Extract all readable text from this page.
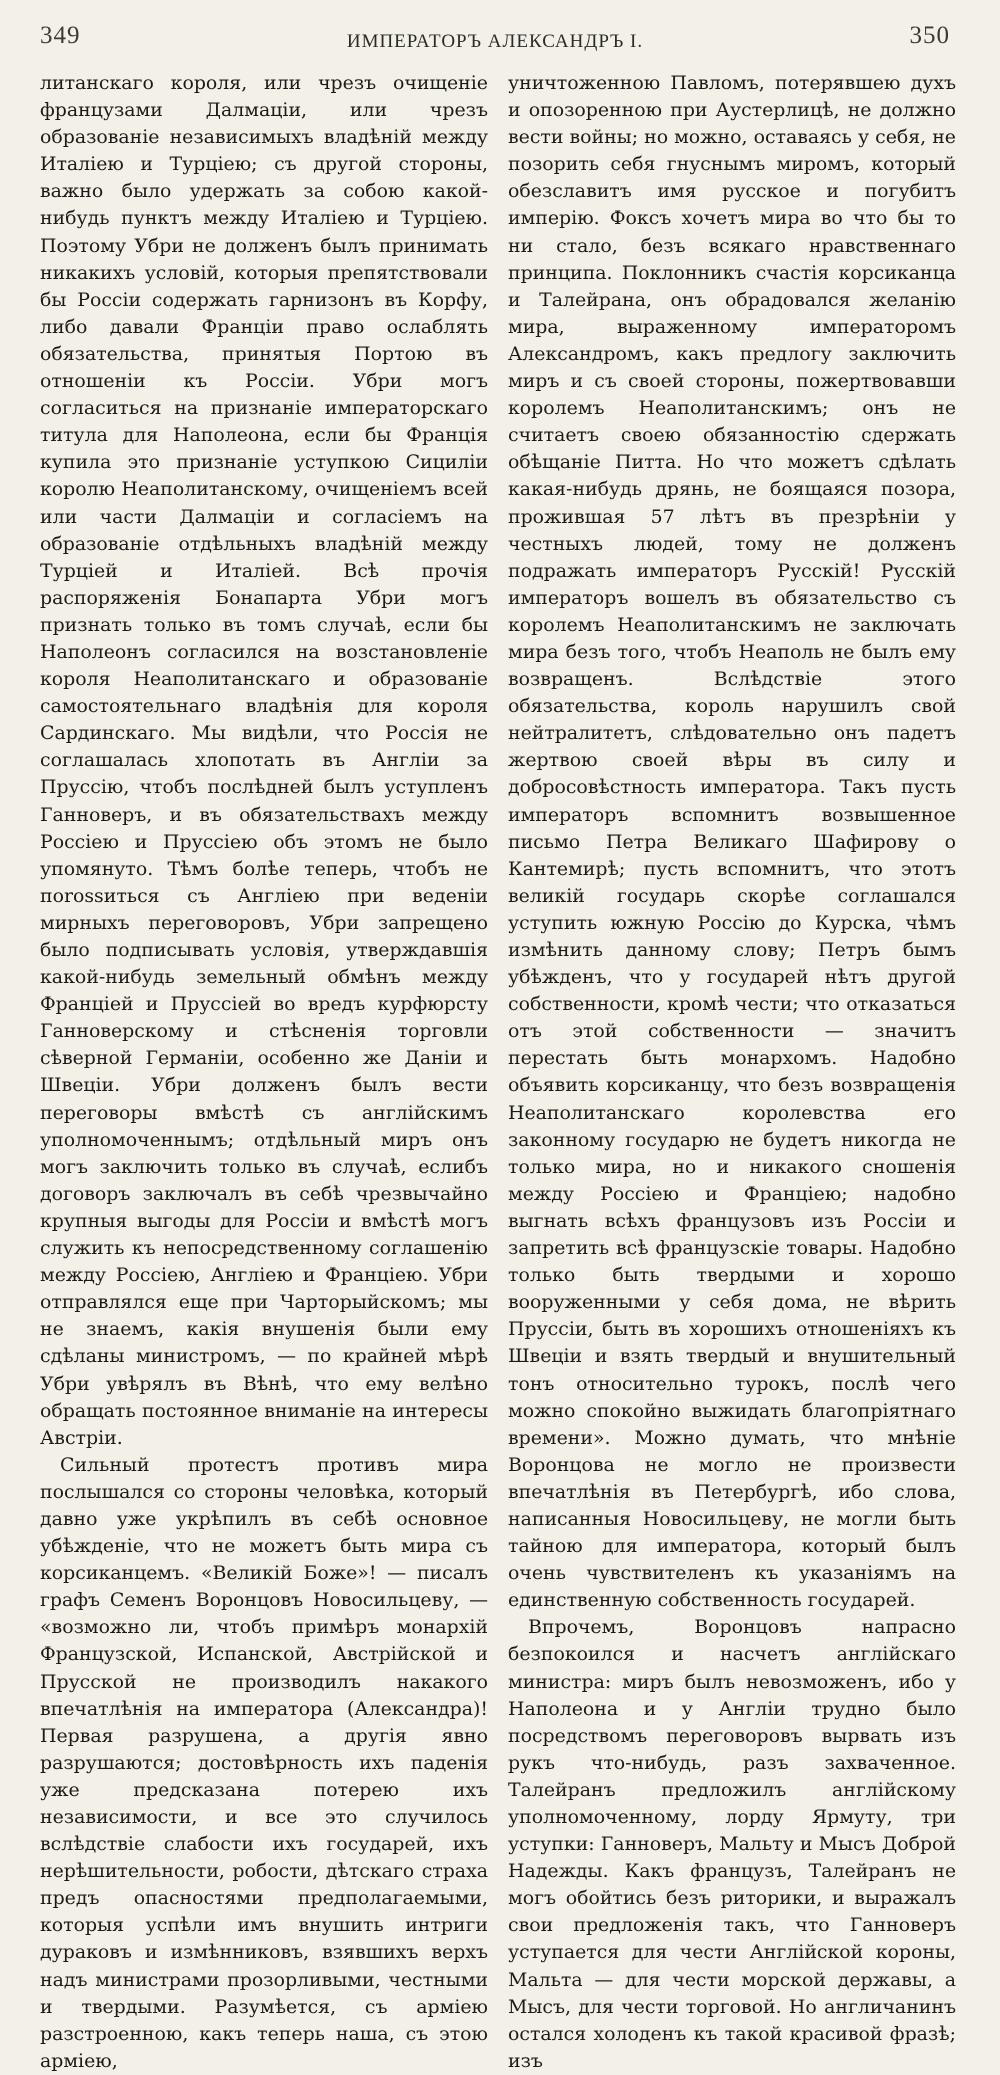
349	ИМПЕРАТОРЪ АЛЕКСАНДРЪ I.	350

литанскаго короля, или чрезъ очищеніе французами Далмаціи, или чрезъ образованіе независимыхъ владѣній между Италіею и Турціею; съ другой стороны, важно было удержать за собою какой-нибудь пунктъ между Италіею и Турціею. Поэтому Убри не долженъ былъ принимать никакихъ условій, которыя препятствовали бы Россіи содержать гарнизонъ въ Корфу, либо давали Франціи право ослаблять обязательства, принятыя Портою въ отношеніи къ Россіи. Убри могъ согласиться на признаніе императорскаго титула для Наполеона, если бы Франція купила это признаніе уступкою Сициліи королю Неаполитанскому, очищеніемъ всей или части Далмаціи и согласіемъ на образованіе отдѣльныхъ владѣній между Турціей и Италіей. Всѣ прочія распоряженія Бонапарта Убри могъ признать только въ томъ случаѣ, если бы Наполеонъ согласился на возстановленіе короля Неаполитанскаго и образованіе самостоятельнаго владѣнія для короля Сардинскаго. Мы видѣли, что Россія не соглашалась хлопотать въ Англіи за Пруссію, чтобъ послѣдней былъ уступленъ Ганноверъ, и въ обязательствахъ между Россіею и Пруссіею объ этомъ не было упомянуто. Тѣмъ болѣе теперь, чтобъ не поrossиться съ Англіею при веденіи мирныхъ переговоровъ, Убри запрещено было подписывать условія, утверждавшія какой-нибудь земельный обмѣнъ между Франціей и Пруссіей во вредъ курфюрсту Ганноверскому и стѣсненія торговли сѣверной Германіи, особенно же Даніи и Швеціи. Убри долженъ былъ вести переговоры вмѣстѣ съ англійскимъ уполномоченнымъ; отдѣльный миръ онъ могъ заключить только въ случаѣ, еслибъ договоръ заключалъ въ себѣ чрезвычайно крупныя выгоды для Россіи и вмѣстѣ могъ служить къ непосредственному соглашенію между Россіею, Англіею и Франціею. Убри отправлялся еще при Чарторыйскомъ; мы не знаемъ, какія внушенія были ему сдѣланы министромъ, — по крайней мѣрѣ Убри увѣрялъ въ Вѣнѣ, что ему велѣно обращать постоянное вниманіе на интересы Австріи.

Сильный протестъ противъ мира послышался со стороны человѣка, который давно уже укрѣпилъ въ себѣ основное убѣжденіе, что не можетъ быть мира съ корсиканцемъ. «Великій Боже»! — писалъ графъ Семенъ Воронцовъ Новосильцеву, — «возможно ли, чтобъ примѣръ монархій Французской, Испанской, Австрійской и Прусской не производилъ накакого впечатлѣнія на императора (Александра)! Первая разрушена, а другія явно разрушаются; достовѣрность ихъ паденія уже предсказана потерею ихъ независимости, и все это случилось вслѣдствіе слабости ихъ государей, ихъ нерѣшительности, робости, дѣтскаго страха предъ опасностями предполагаемыми, которыя успѣли имъ внушить интриги дураковъ и измѣнниковъ, взявшихъ верхъ надъ министрами прозорливыми, честными и твердыми. Разумѣется, съ арміею разстроенною, какъ теперь наша, съ этою арміею,

уничтоженною Павломъ, потерявшею духъ и опозоренною при Аустерлицѣ, не должно вести войны; но можно, оставаясь у себя, не позорить себя гнуснымъ миромъ, который обезславитъ имя русское и погубитъ имперію. Фоксъ хочетъ мира во что бы то ни стало, безъ всякаго нравственнаго принципа. Поклонникъ счастія корсиканца и Талейрана, онъ обрадовался желанію мира, выраженному императоромъ Александромъ, какъ предлогу заключить миръ и съ своей стороны, пожертвовавши королемъ Неаполитанскимъ; онъ не считаетъ своею обязанностію сдержать обѣщаніе Питта. Но что можетъ сдѣлать какая-нибудь дрянь, не боящаяся позора, прожившая 57 лѣтъ въ презрѣніи у честныхъ людей, тому не долженъ подражать императоръ Русскій! Русскій императоръ вошелъ въ обязательство съ королемъ Неаполитанскимъ не заключать мира безъ того, чтобъ Неаполь не былъ ему возвращенъ. Вслѣдствіе этого обязательства, король нарушилъ свой нейтралитетъ, слѣдовательно онъ падетъ жертвою своей вѣры въ силу и добросовѣстность императора. Такъ пусть императоръ вспомнитъ возвышенное письмо Петра Великаго Шафирову о Кантемирѣ; пусть вспомнитъ, что этотъ великій государь скорѣе соглашался уступить южную Россію до Курска, чѣмъ измѣнить данному слову; Петръ бымъ убѣжденъ, что у государей нѣтъ другой собственности, кромѣ чести; что отказаться отъ этой собственности — значитъ перестать быть монархомъ. Надобно объявить корсиканцу, что безъ возвращенія Неаполитанскаго королевства его законному государю не будетъ никогда не только мира, но и никакого сношенія между Россіею и Франціею; надобно выгнать всѣхъ французовъ изъ Россіи и запретить всѣ французскіе товары. Надобно только быть твердыми и хорошо вооруженными у себя дома, не вѣрить Пруссіи, быть въ хорошихъ отношеніяхъ къ Швеціи и взять твердый и внушительный тонъ относительно турокъ, послѣ чего можно спокойно выжидать благопріятнаго времени». Можно думать, что мнѣніе Воронцова не могло не произвести впечатлѣнія въ Петербургѣ, ибо слова, написанныя Новосильцеву, не могли быть тайною для императора, который былъ очень чувствителенъ къ указаніямъ на единственную собственность государей.

Впрочемъ, Воронцовъ напрасно безпокоился и насчетъ англійскаго министра: миръ былъ невозможенъ, ибо у Наполеона и у Англіи трудно было посредствомъ переговоровъ вырвать изъ рукъ что-нибудь, разъ захваченное. Талейранъ предложилъ англійскому уполномоченному, лорду Ярмуту, три уступки: Ганноверъ, Мальту и Мысъ Доброй Надежды. Какъ французъ, Талейранъ не могъ обойтись безъ риторики, и выражалъ свои предложенія такъ, что Ганноверъ уступается для чести Англійской короны, Мальта — для чести морской державы, а Мысъ, для чести торговой. Но англичанинъ остался холоденъ къ такой красивой фразѣ; изъ
